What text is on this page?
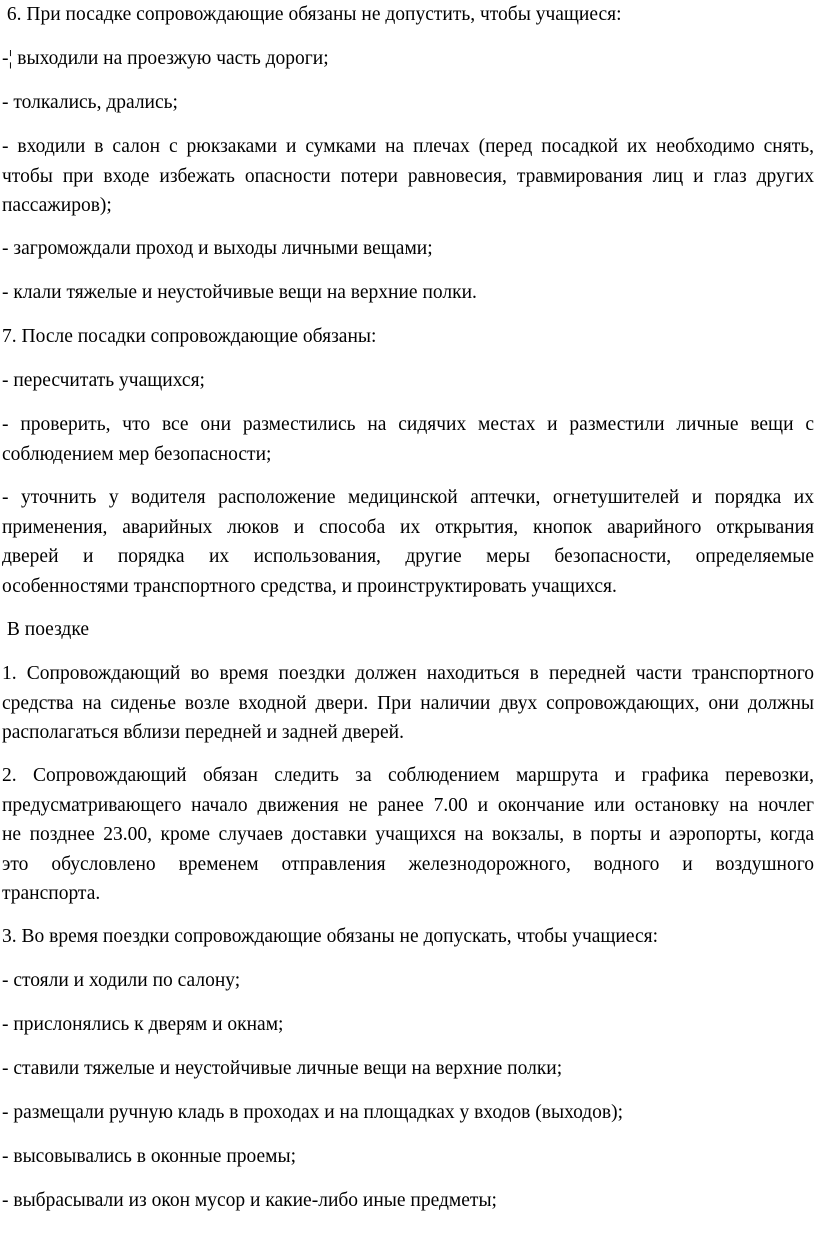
6. При посадке сопровождающие обязаны не допустить, чтобы учащиеся:
-¦ выходили на проезжую часть дороги;
- толкались, дрались;
- входили в салон с рюкзаками и сумками на плечах (перед посадкой их необходимо снять,
чтобы при входе избежать опасности потери равновесия, травмирования лиц и глаз других
пассажиров);
- загромождали проход и выходы личными вещами;
- клали тяжелые и неустойчивые вещи на верхние полки.
7. После посадки сопровождающие обязаны:
- пересчитать учащихся;
- проверить, что все они разместились на сидячих местах и разместили личные вещи с
соблюдением мер безопасности;
- уточнить у водителя расположение медицинской аптечки, огнетушителей и порядка их
применения, аварийных люков и способа их открытия, кнопок аварийного открывания
дверей и порядка их использования, другие меры безопасности, определяемые
особенностями транспортного средства, и проинструктировать учащихся.
В поездке
1. Сопровождающий во время поездки должен находиться в передней части транспортного
средства на сиденье возле входной двери. При наличии двух сопровождающих, они должны
располагаться вблизи передней и задней дверей.
2. Сопровождающий обязан следить за соблюдением маршрута и графика перевозки,
предусматривающего начало движения не ранее 7.00 и окончание или остановку на ночлег
не позднее 23.00, кроме случаев доставки учащихся на вокзалы, в порты и аэропорты, когда
это обусловлено временем отправления железнодорожного, водного и воздушного
транспорта.
3. Во время поездки сопровождающие обязаны не допускать, чтобы учащиеся:
- стояли и ходили по салону;
- прислонялись к дверям и окнам;
- ставили тяжелые и неустойчивые личные вещи на верхние полки;
- размещали ручную кладь в проходах и на площадках у входов (выходов);
- высовывались в оконные проемы;
- выбрасывали из окон мусор и какие-либо иные предметы;
